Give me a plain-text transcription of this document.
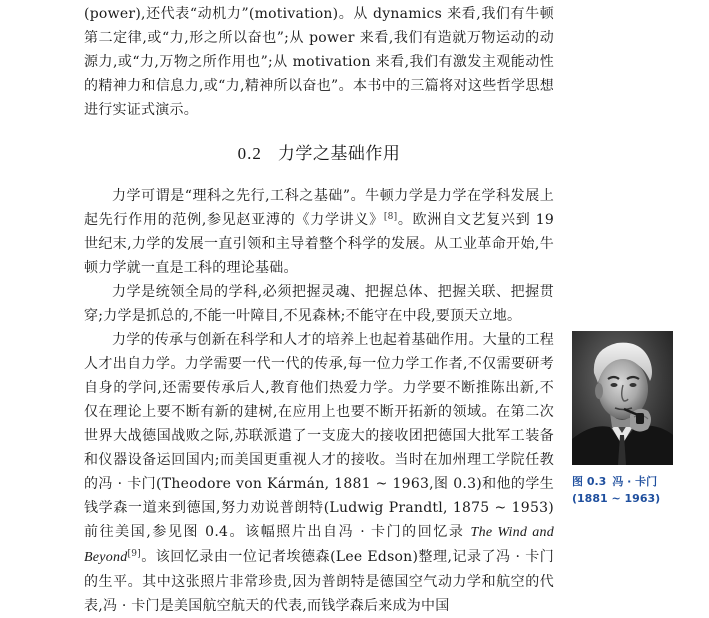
(power),还代表“动机力”(motivation)。从 dynamics 来看,我们有牛顿第二定律,或“力,形之所以奋也”;从 power 来看,我们有造就万物运动的动源力,或“力,万物之所作用也”;从 motivation 来看,我们有激发主观能动性的精神力和信息力,或“力,精神所以奋也”。本书中的三篇将对这些哲学思想进行实证式演示。

0.2 力学之基础作用

力学可谓是“理科之先行,工科之基础”。牛顿力学是力学在学科发展上起先行作用的范例,参见赵亚溥的《力学讲义》[8]。欧洲自文艺复兴到 19 世纪末,力学的发展一直引领和主导着整个科学的发展。从工业革命开始,牛顿力学就一直是工科的理论基础。

力学是统领全局的学科,必须把握灵魂、把握总体、把握关联、把握贯穿;力学是抓总的,不能一叶障目,不见森林;不能守在中段,要顶天立地。

力学的传承与创新在科学和人才的培养上也起着基础作用。大量的工程人才出自力学。力学需要一代一代的传承,每一位力学工作者,不仅需要研考自身的学问,还需要传承后人,教育他们热爱力学。力学要不断推陈出新,不仅在理论上要不断有新的建树,在应用上也要不断开拓新的领域。在第二次世界大战德国战败之际,苏联派遣了一支庞大的接收团把德国大批军工装备和仪器设备运回国内;而美国更重视人才的接收。当时在加州理工学院任教的冯 · 卡门(Theodore von Kármán, 1881 ~ 1963,图 0.3)和他的学生钱学森一道来到德国,努力劝说普朗特(Ludwig Prandtl, 1875 ~ 1953)前往美国,参见图 0.4。该幅照片出自冯 · 卡门的回忆录 The Wind and Beyond[9]。该回忆录由一位记者埃德森(Lee Edson)整理,记录了冯 · 卡门的生平。其中这张照片非常珍贵,因为普朗特是德国空气动力学和航空的代表,冯 · 卡门是美国航空航天的代表,而钱学森后来成为中国

图 0.3 冯 · 卡门
(1881 ~ 1963)
